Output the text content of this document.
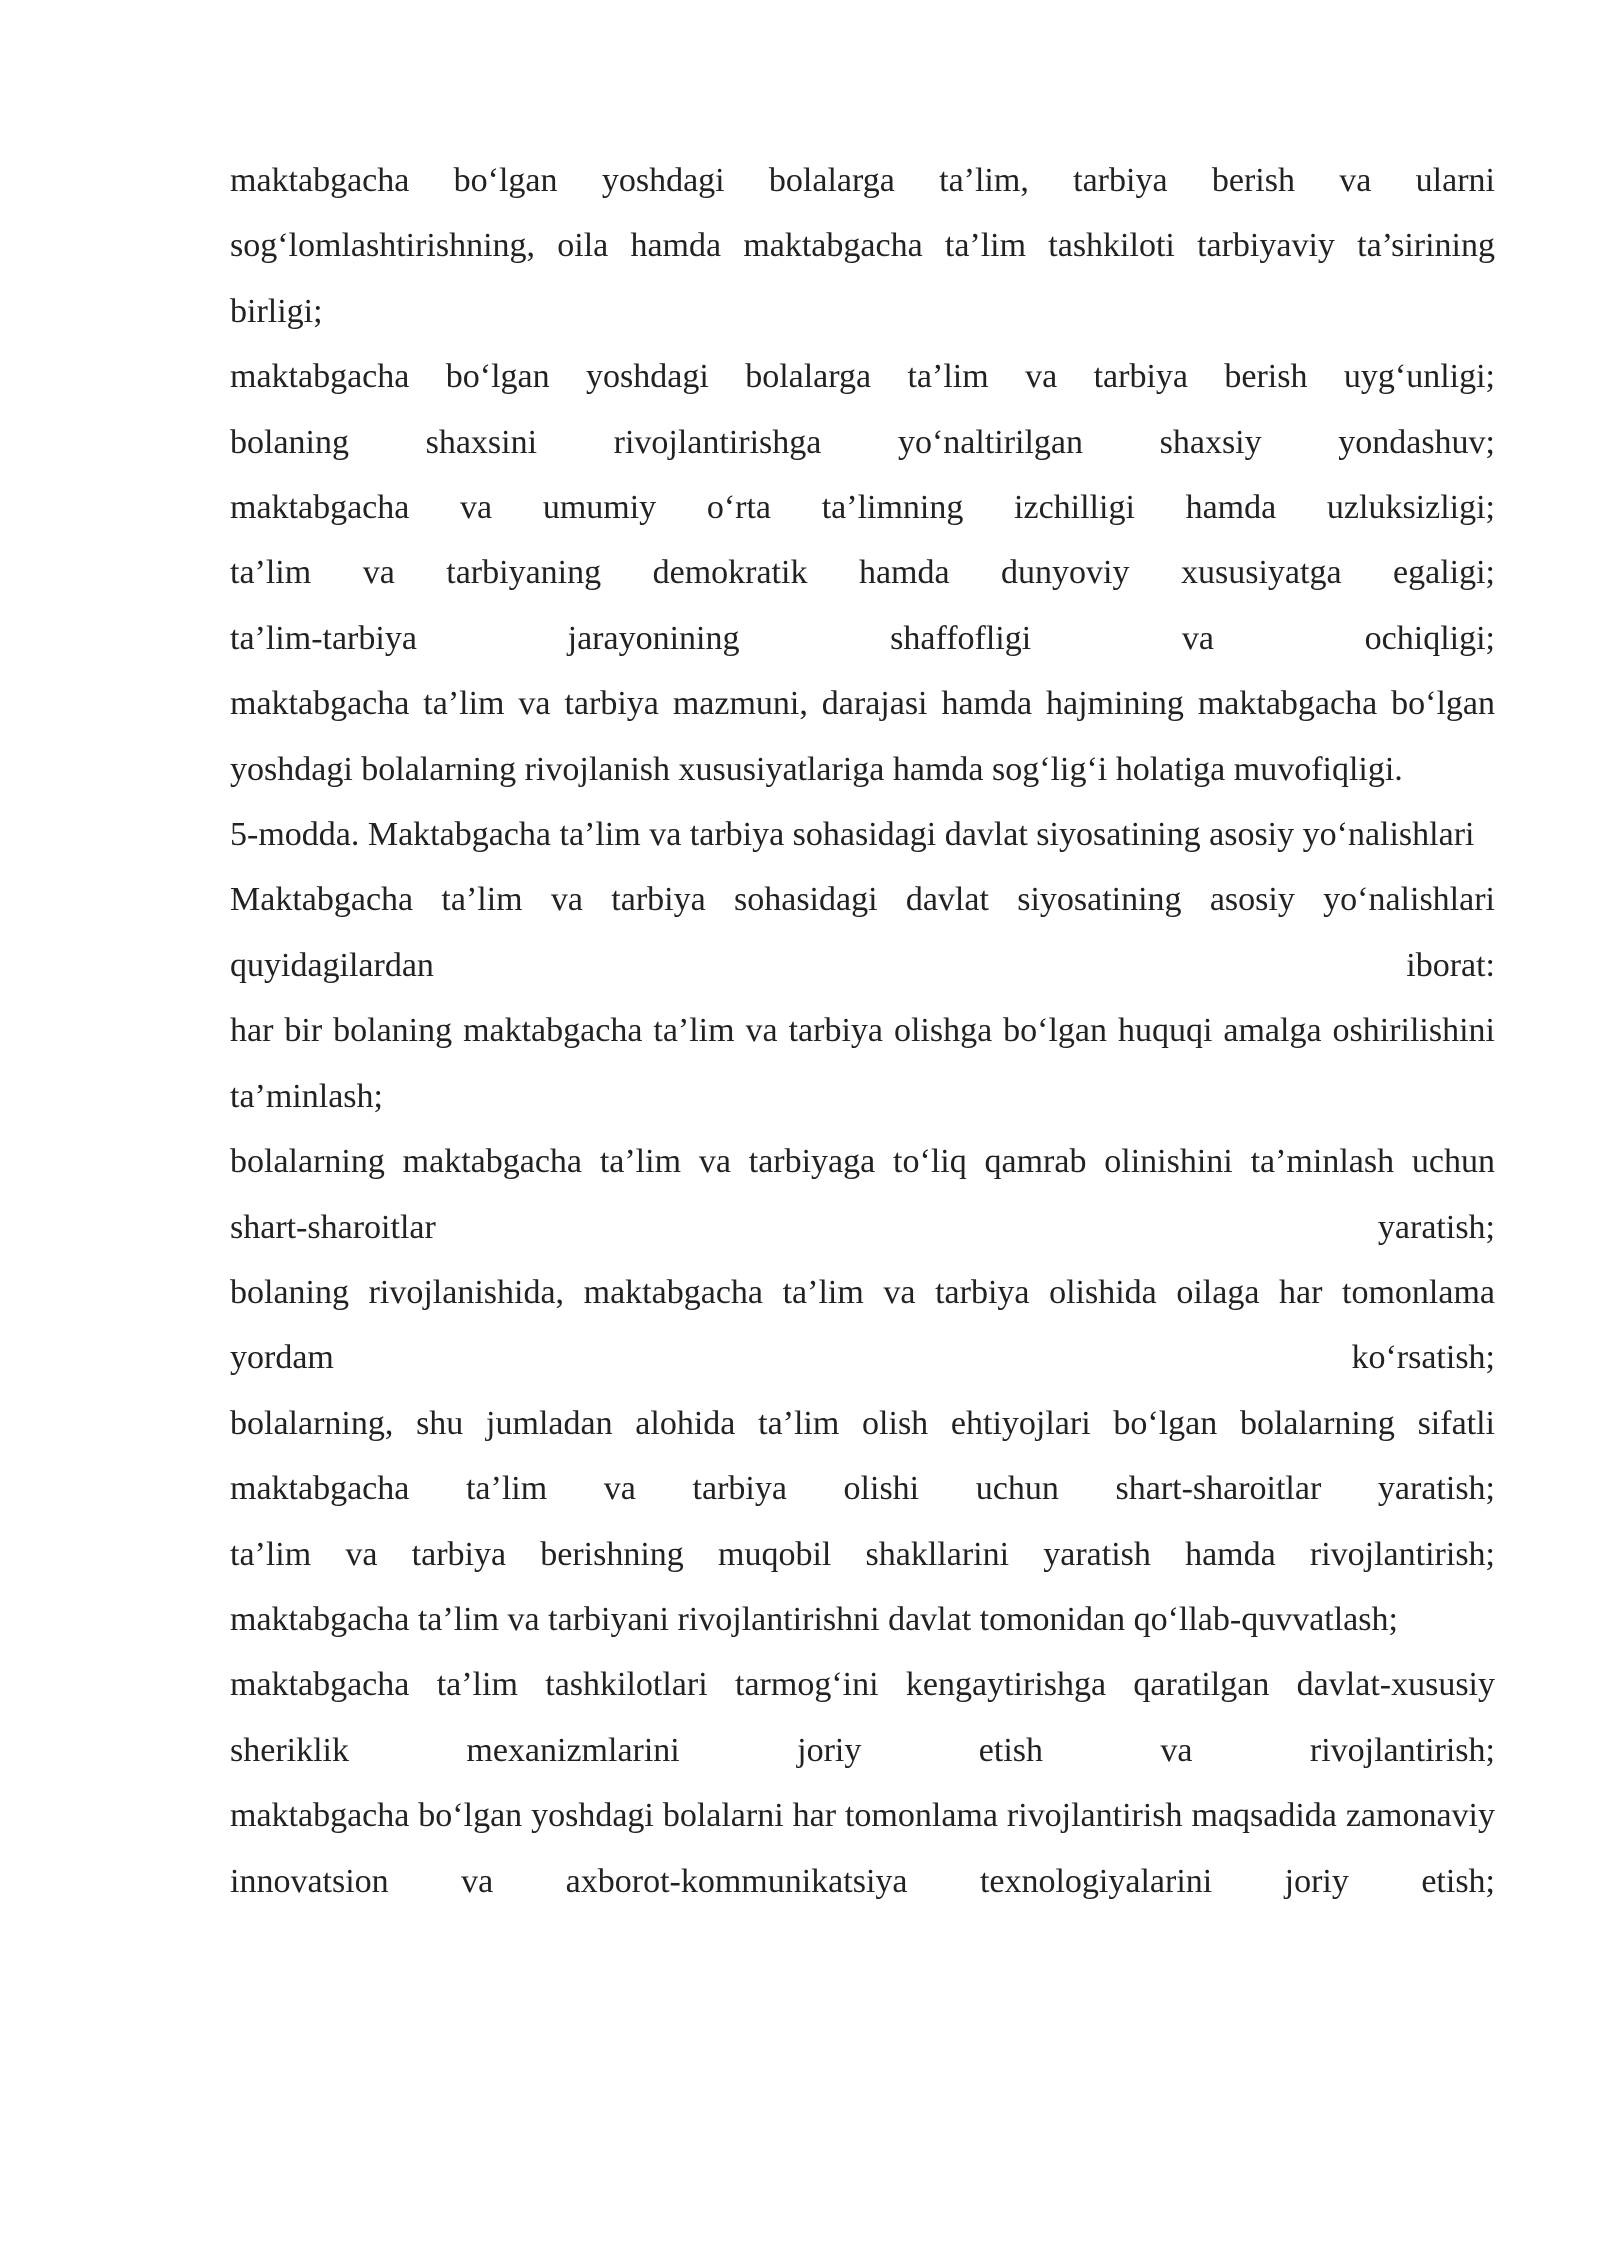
maktabgacha bo‘lgan yoshdagi bolalarga ta’lim, tarbiya berish va ularni sog‘lomlashtirishning, oila hamda maktabgacha ta’lim tashkiloti tarbiyaviy ta’sirining birligi;

maktabgacha bo‘lgan yoshdagi bolalarga ta’lim va tarbiya berish uyg‘unligi;

bolaning shaxsini rivojlantirishga yo‘naltirilgan shaxsiy yondashuv;

maktabgacha va umumiy o‘rta ta’limning izchilligi hamda uzluksizligi;

ta’lim va tarbiyaning demokratik hamda dunyoviy xususiyatga egaligi;

ta’lim-tarbiya jarayonining shaffofligi va ochiqligi;

maktabgacha ta’lim va tarbiya mazmuni, darajasi hamda hajmining maktabgacha bo‘lgan yoshdagi bolalarning rivojlanish xususiyatlariga hamda sog‘lig‘i holatiga muvofiqligi.

5-modda. Maktabgacha ta’lim va tarbiya sohasidagi davlat siyosatining asosiy yo‘nalishlari

Maktabgacha ta’lim va tarbiya sohasidagi davlat siyosatining asosiy yo‘nalishlari quyidagilardan iborat:

har bir bolaning maktabgacha ta’lim va tarbiya olishga bo‘lgan huquqi amalga oshirilishini ta’minlash;

bolalarning maktabgacha ta’lim va tarbiyaga to‘liq qamrab olinishini ta’minlash uchun shart-sharoitlar yaratish;

bolaning rivojlanishida, maktabgacha ta’lim va tarbiya olishida oilaga har tomonlama yordam ko‘rsatish;

bolalarning, shu jumladan alohida ta’lim olish ehtiyojlari bo‘lgan bolalarning sifatli maktabgacha ta’lim va tarbiya olishi uchun shart-sharoitlar yaratish;

ta’lim va tarbiya berishning muqobil shakllarini yaratish hamda rivojlantirish;

maktabgacha ta’lim va tarbiyani rivojlantirishni davlat tomonidan qo‘llab-quvvatlash;

maktabgacha ta’lim tashkilotlari tarmog‘ini kengaytirishga qaratilgan davlat-xususiy sheriklik mexanizmlarini joriy etish va rivojlantirish;

maktabgacha bo‘lgan yoshdagi bolalarni har tomonlama rivojlantirish maqsadida zamonaviy innovatsion va axborot-kommunikatsiya texnologiyalarini joriy etish;
